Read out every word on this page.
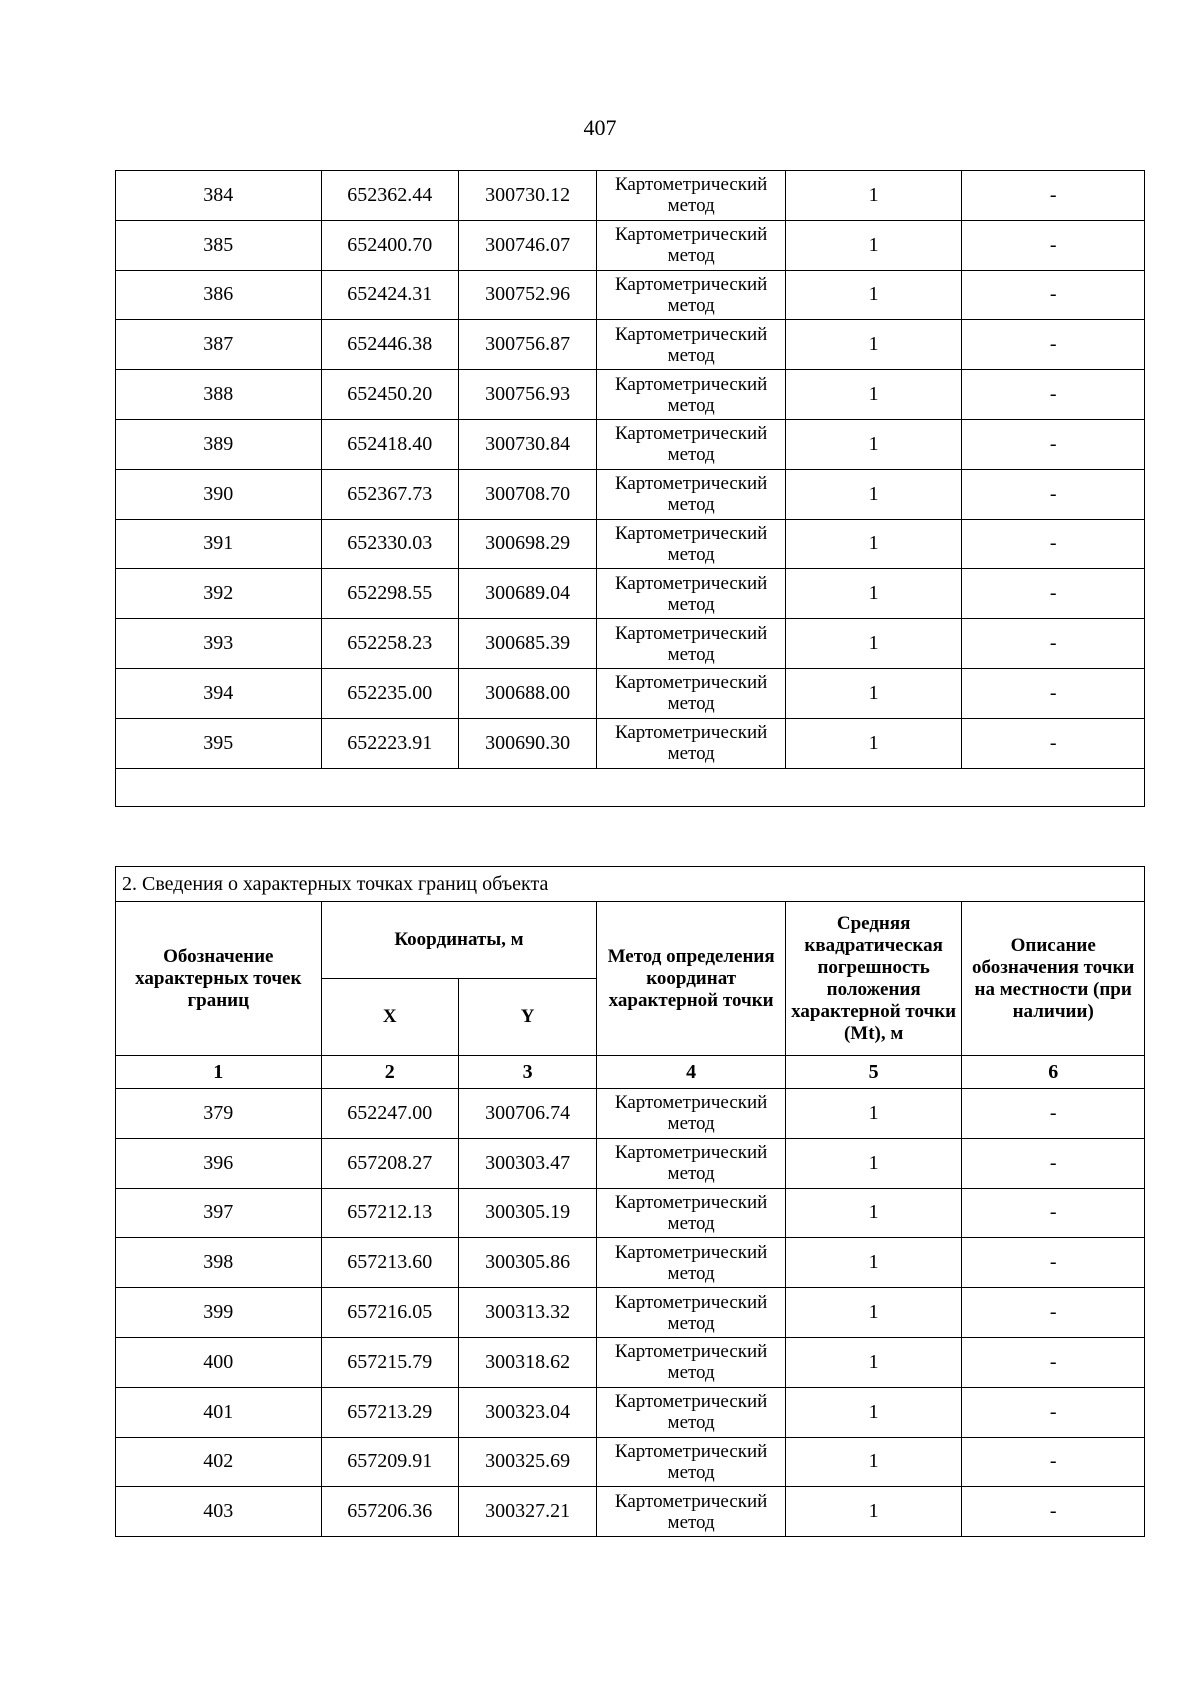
407
384	652362.44	300730.12	Картометрический метод	1	-
385	652400.70	300746.07	Картометрический метод	1	-
386	652424.31	300752.96	Картометрический метод	1	-
387	652446.38	300756.87	Картометрический метод	1	-
388	652450.20	300756.93	Картометрический метод	1	-
389	652418.40	300730.84	Картометрический метод	1	-
390	652367.73	300708.70	Картометрический метод	1	-
391	652330.03	300698.29	Картометрический метод	1	-
392	652298.55	300689.04	Картометрический метод	1	-
393	652258.23	300685.39	Картометрический метод	1	-
394	652235.00	300688.00	Картометрический метод	1	-
395	652223.91	300690.30	Картометрический метод	1	-

2. Сведения о характерных точках границ объекта					
Обозначение характерных точек границ	Координаты, м		Метод определения координат характерной точки	Средняя квадратическая погрешность положения характерной точки (Mt), м	Описание обозначения точки на местности (при наличии)
	X	Y			
1	2	3	4	5	6
379	652247.00	300706.74	Картометрический метод	1	-
396	657208.27	300303.47	Картометрический метод	1	-
397	657212.13	300305.19	Картометрический метод	1	-
398	657213.60	300305.86	Картометрический метод	1	-
399	657216.05	300313.32	Картометрический метод	1	-
400	657215.79	300318.62	Картометрический метод	1	-
401	657213.29	300323.04	Картометрический метод	1	-
402	657209.91	300325.69	Картометрический метод	1	-
403	657206.36	300327.21	Картометрический метод	1	-
